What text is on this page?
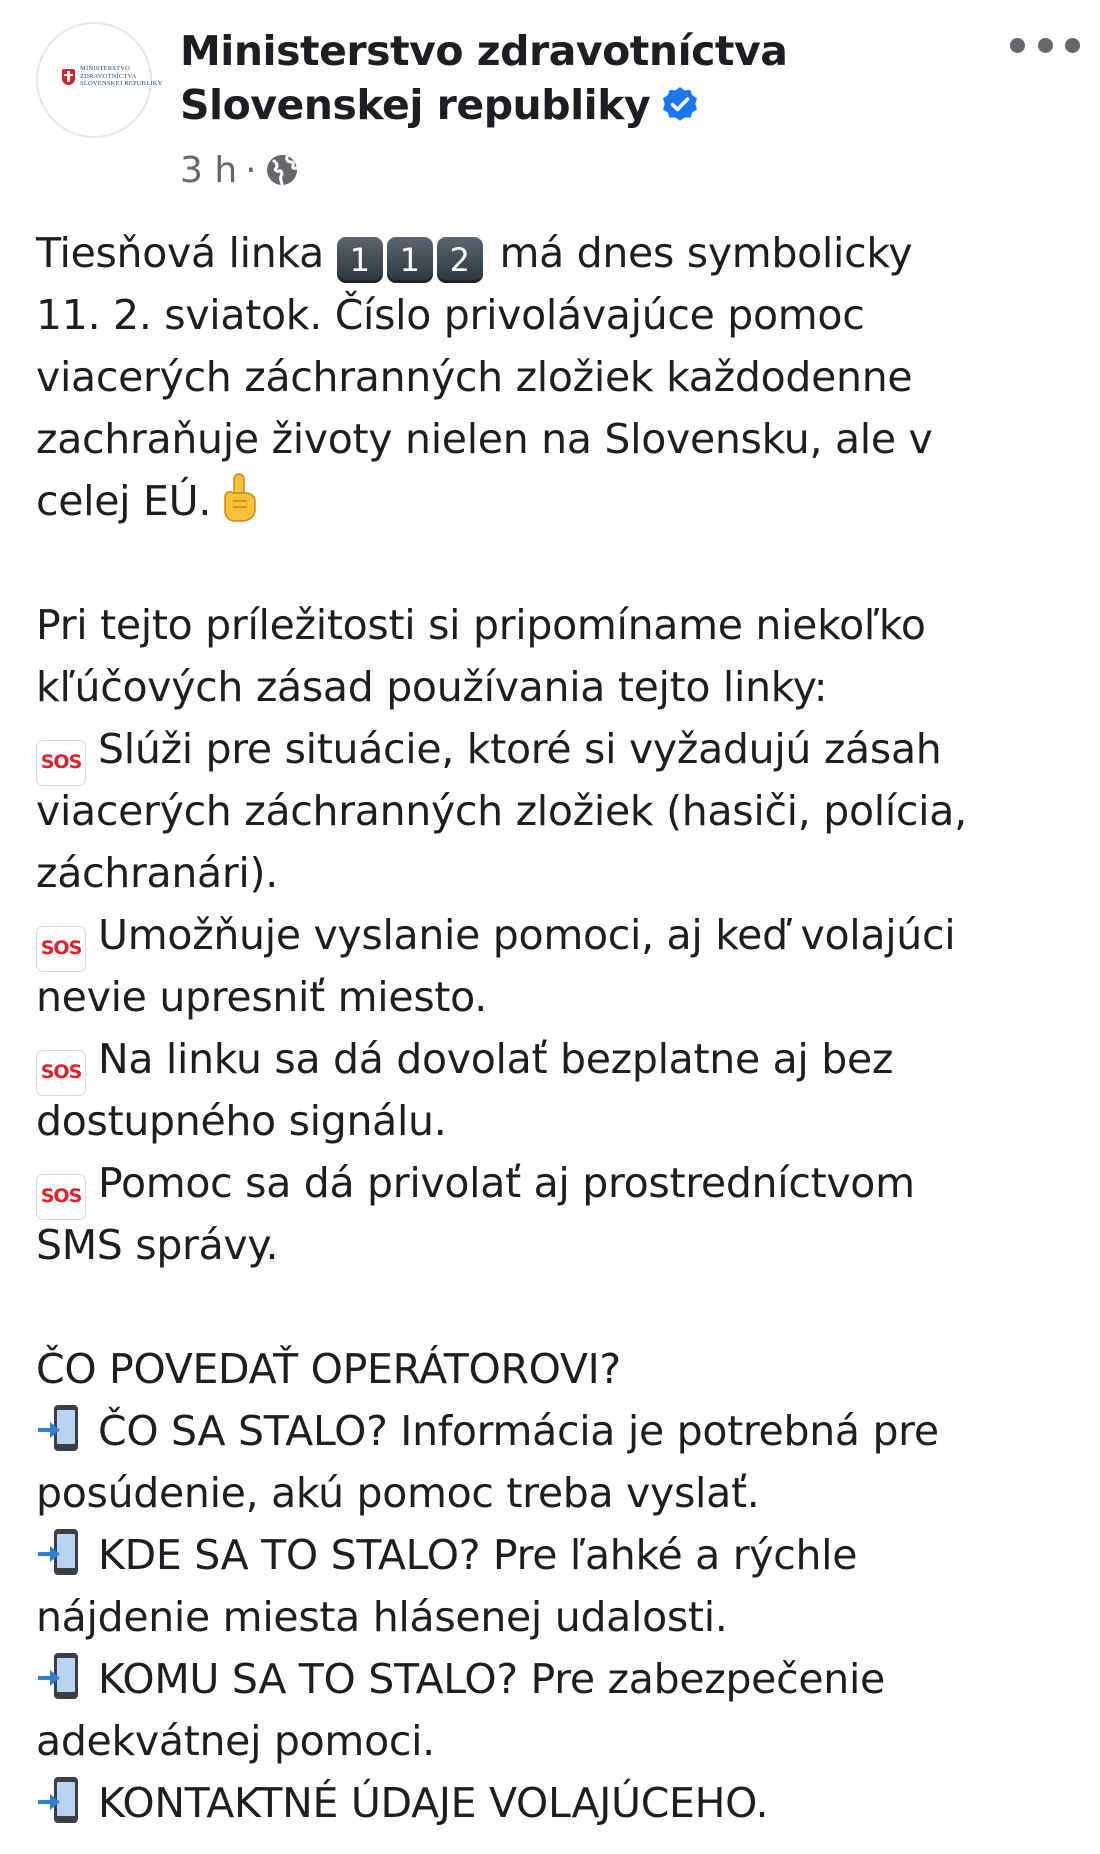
MINISTERSTVO
ZDRAVOTNÍCTVA
SLOVENSKEJ REPUBLIKY
Ministerstvo zdravotníctva
Slovenskej republiky
3 h ·
Tiesňová linka 1 1 2 má dnes symbolicky
11. 2. sviatok. Číslo privolávajúce pomoc
viacerých záchranných zložiek každodenne
zachraňuje životy nielen na Slovensku, ale v
celej EÚ.
Pri tejto príležitosti si pripomíname niekoľko
kľúčových zásad používania tejto linky:
SOS Slúži pre situácie, ktoré si vyžadujú zásah
viacerých záchranných zložiek (hasiči, polícia,
záchranári).
SOS Umožňuje vyslanie pomoci, aj keď volajúci
nevie upresniť miesto.
SOS Na linku sa dá dovolať bezplatne aj bez
dostupného signálu.
SOS Pomoc sa dá privolať aj prostredníctvom
SMS správy.
ČO POVEDAŤ OPERÁTOROVI?
ČO SA STALO? Informácia je potrebná pre
posúdenie, akú pomoc treba vyslať.
KDE SA TO STALO? Pre ľahké a rýchle
nájdenie miesta hlásenej udalosti.
KOMU SA TO STALO? Pre zabezpečenie
adekvátnej pomoci.
KONTAKTNÉ ÚDAJE VOLAJÚCEHO.
